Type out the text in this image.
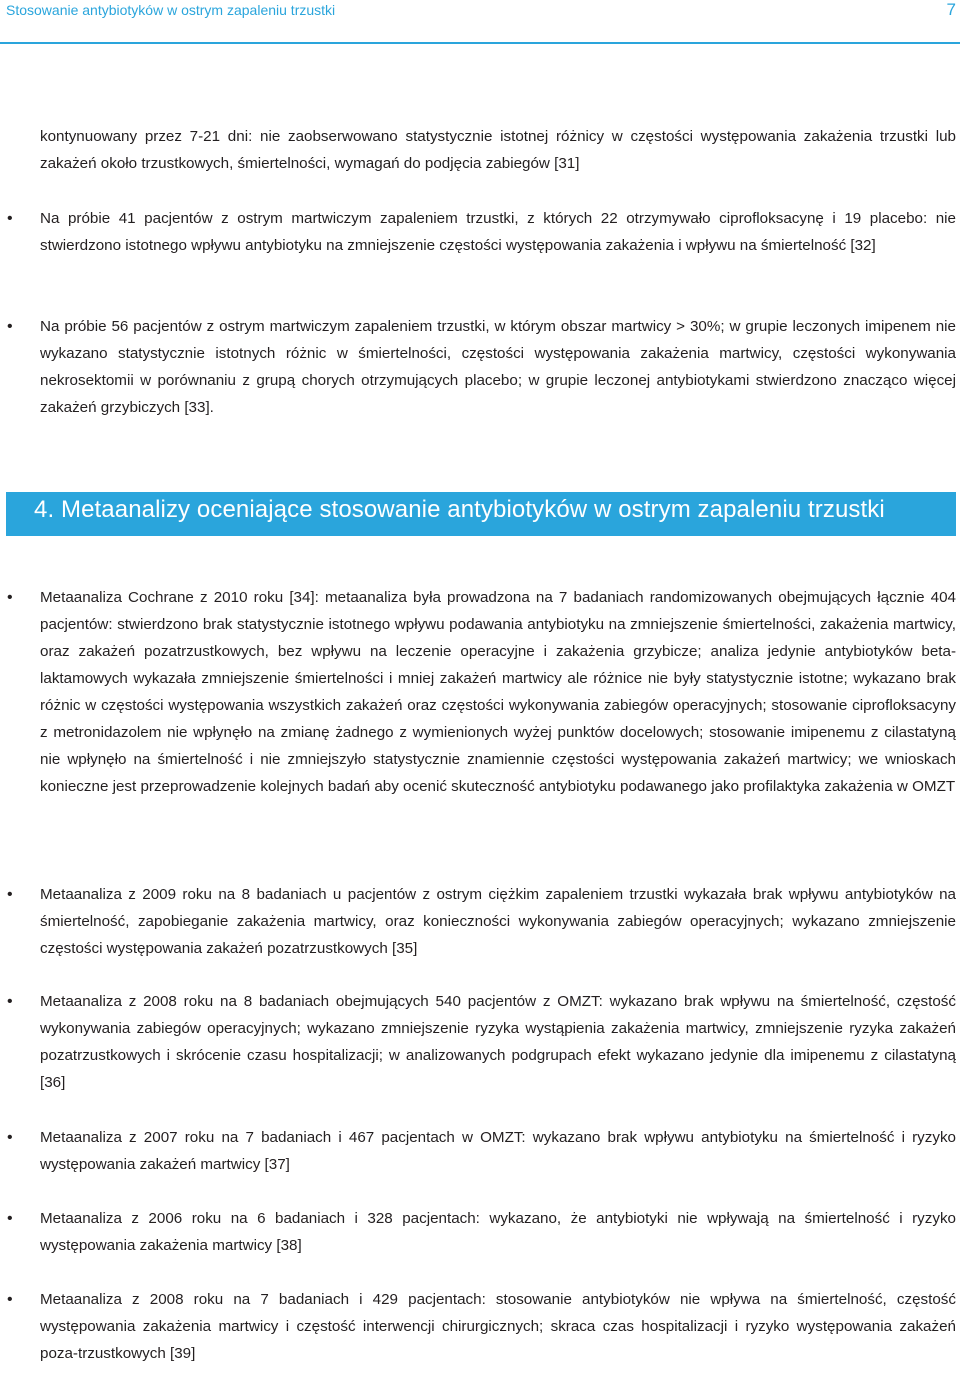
Stosowanie antybiotyków w ostrym zapaleniu trzustki	7

kontynuowany przez 7-21 dni: nie zaobserwowano statystycznie istotnej różnicy w częstości występowania zakażenia trzustki lub zakażeń około trzustkowych, śmiertelności, wymagań do podjęcia zabiegów [31]

• Na próbie 41 pacjentów z ostrym martwiczym zapaleniem trzustki, z których 22 otrzymywało ciprofloksacynę i 19 placebo: nie stwierdzono istotnego wpływu antybiotyku na zmniejszenie częstości występowania zakażenia i wpływu na śmiertelność [32]
• Na próbie 56 pacjentów z ostrym martwiczym zapaleniem trzustki, w którym obszar martwicy > 30%; w grupie leczonych imipenem nie wykazano statystycznie istotnych różnic w śmiertelności, częstości występowania zakażenia martwicy, częstości wykonywania nekrosektomii w porównaniu z grupą chorych otrzymujących placebo; w grupie leczonej antybiotykami stwierdzono znacząco więcej zakażeń grzybiczych [33].
4. Metaanalizy oceniające stosowanie antybiotyków w ostrym zapaleniu trzustki
• Metaanaliza Cochrane z 2010 roku [34]: metaanaliza była prowadzona na 7 badaniach randomizowanych obejmujących łącznie 404 pacjentów: stwierdzono brak statystycznie istotnego wpływu podawania antybiotyku na zmniejszenie śmiertelności, zakażenia martwicy, oraz zakażeń pozatrzustkowych, bez wpływu na leczenie operacyjne i zakażenia grzybicze; analiza jedynie antybiotyków beta-laktamowych wykazała zmniejszenie śmiertelności i mniej zakażeń martwicy ale różnice nie były statystycznie istotne; wykazano brak różnic w częstości występowania wszystkich zakażeń oraz częstości wykonywania zabiegów operacyjnych; stosowanie ciprofloksacyny z metronidazolem nie wpłynęło na zmianę żadnego z wymienionych wyżej punktów docelowych; stosowanie imipenemu z cilastatyną nie wpłynęło na śmiertelność i nie zmniejszyło statystycznie znamiennie częstości występowania zakażeń martwicy; we wnioskach konieczne jest przeprowadzenie kolejnych badań aby ocenić skuteczność antybiotyku podawanego jako profilaktyka zakażenia w OMZT
• Metaanaliza z 2009 roku na 8 badaniach u pacjentów z ostrym ciężkim zapaleniem trzustki wykazała brak wpływu antybiotyków na śmiertelność, zapobieganie zakażenia martwicy, oraz konieczności wykonywania zabiegów operacyjnych; wykazano zmniejszenie częstości występowania zakażeń pozatrzustkowych [35]
• Metaanaliza z 2008 roku na 8 badaniach obejmujących 540 pacjentów z OMZT: wykazano brak wpływu na śmiertelność, częstość wykonywania zabiegów operacyjnych; wykazano zmniejszenie ryzyka wystąpienia zakażenia martwicy, zmniejszenie ryzyka zakażeń pozatrzustkowych i skrócenie czasu hospitalizacji; w analizowanych podgrupach efekt wykazano jedynie dla imipenemu z cilastatyną [36]
• Metaanaliza z 2007 roku na 7 badaniach i 467 pacjentach w OMZT: wykazano brak wpływu antybiotyku na śmiertelność i ryzyko występowania zakażeń martwicy [37]
• Metaanaliza z 2006 roku na 6 badaniach i 328 pacjentach: wykazano, że antybiotyki nie wpływają na śmiertelność i ryzyko występowania zakażenia martwicy [38]
• Metaanaliza z 2008 roku na 7 badaniach i 429 pacjentach: stosowanie antybiotyków nie wpływa na śmiertelność, częstość występowania zakażenia martwicy i częstość interwencji chirurgicznych; skraca czas hospitalizacji i ryzyko występowania zakażeń poza-trzustkowych [39]
